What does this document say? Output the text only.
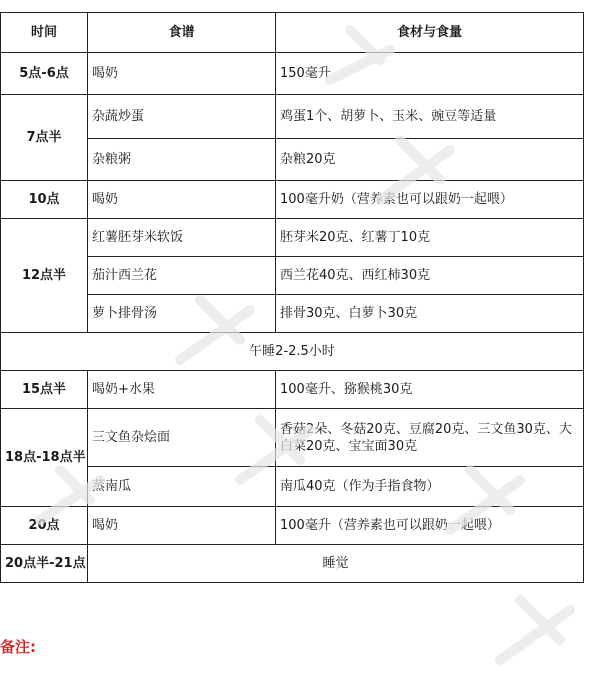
时间	食谱	食材与食量
5点-6点	喝奶	150毫升
7点半	杂蔬炒蛋	鸡蛋1个、胡萝卜、玉米、豌豆等适量
	杂粮粥	杂粮20克
10点	喝奶	100毫升奶（营养素也可以跟奶一起喂）
12点半	红薯胚芽米软饭	胚芽米20克、红薯丁10克
	茄汁西兰花	西兰花40克、西红柿30克
	萝卜排骨汤	排骨30克、白萝卜30克
午睡2-2.5小时		
15点半	喝奶+水果	100毫升、猕猴桃30克
18点-18点半	三文鱼杂烩面	香菇2朵、冬菇20克、豆腐20克、三文鱼30克、大白菜20克、宝宝面30克
	蒸南瓜	南瓜40克（作为手指食物）
20点	喝奶	100毫升（营养素也可以跟奶一起喂）
20点半-21点	睡觉	

备注:
